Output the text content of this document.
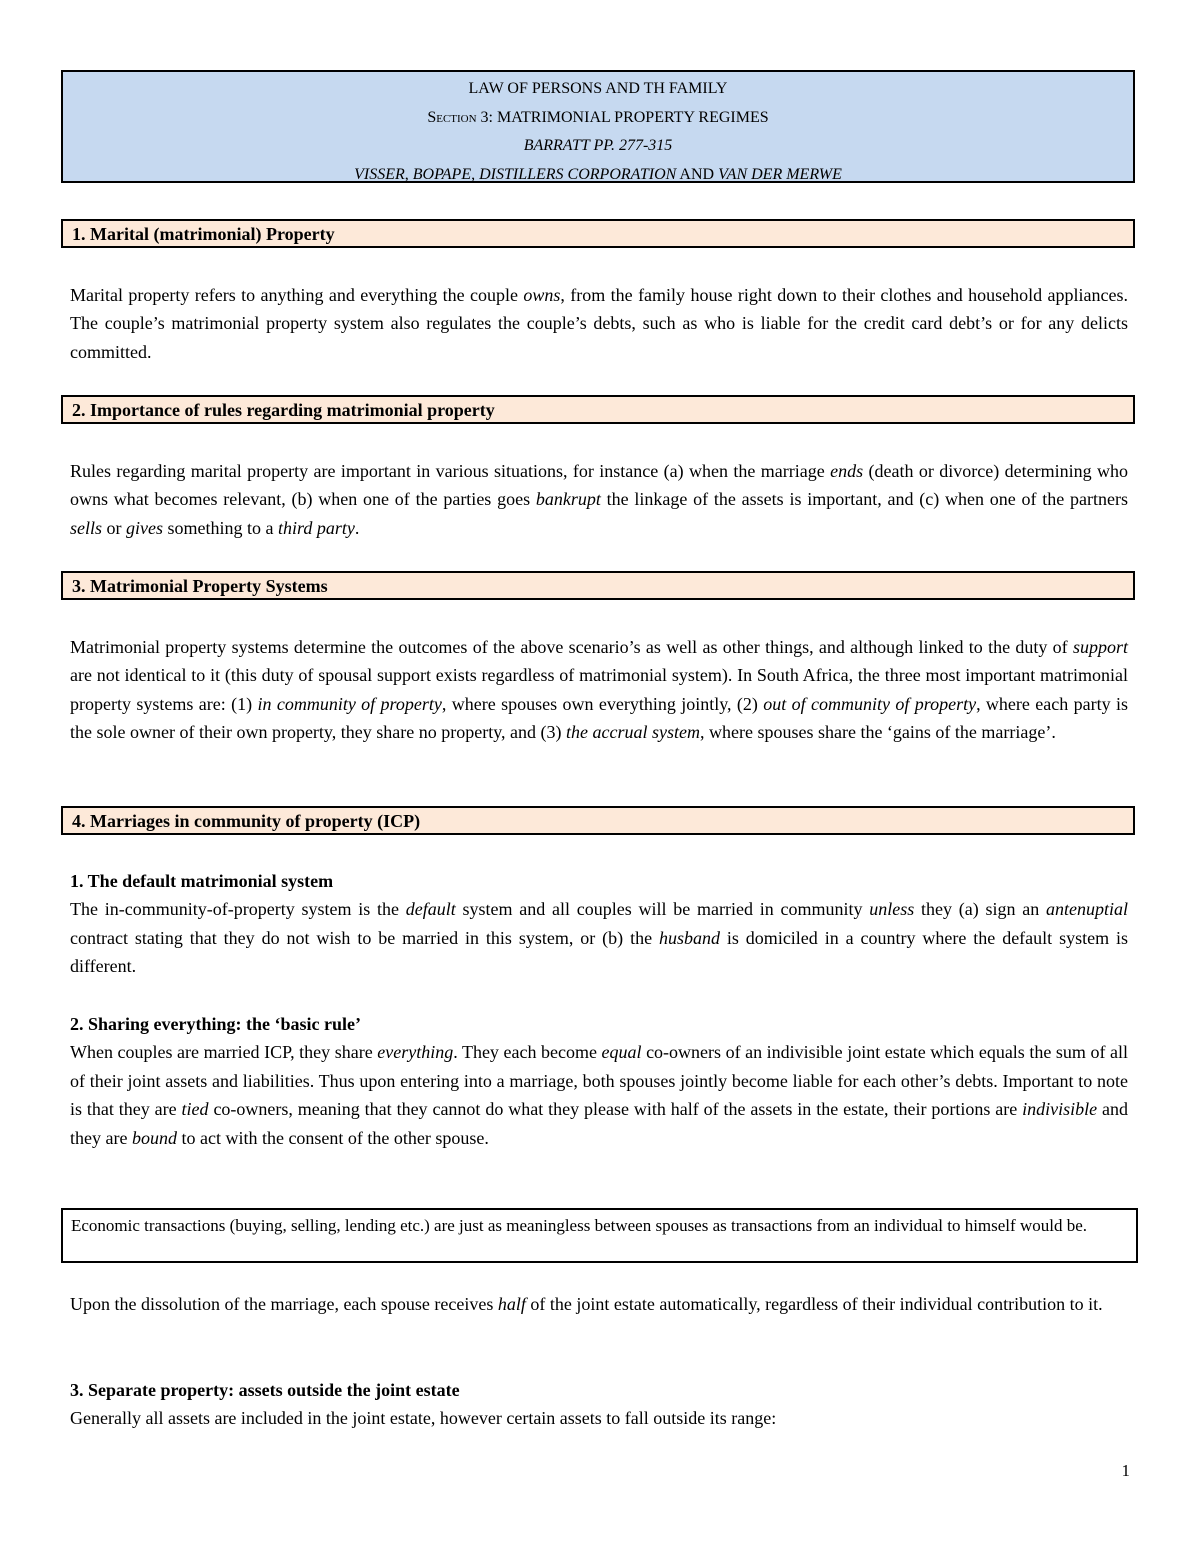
LAW OF PERSONS AND TH FAMILY
Section 3: MATRIMONIAL PROPERTY REGIMES
BARRATT PP. 277-315
VISSER, BOPAPE, DISTILLERS CORPORATION AND VAN DER MERWE
1. Marital (matrimonial) Property
Marital property refers to anything and everything the couple owns, from the family house right down to their clothes and household appliances. The couple’s matrimonial property system also regulates the couple’s debts, such as who is liable for the credit card debt’s or for any delicts committed.
2. Importance of rules regarding matrimonial property
Rules regarding marital property are important in various situations, for instance (a) when the marriage ends (death or divorce) determining who owns what becomes relevant, (b) when one of the parties goes bankrupt the linkage of the assets is important, and (c) when one of the partners sells or gives something to a third party.
3. Matrimonial Property Systems
Matrimonial property systems determine the outcomes of the above scenario’s as well as other things, and although linked to the duty of support are not identical to it (this duty of spousal support exists regardless of matrimonial system). In South Africa, the three most important matrimonial property systems are: (1) in community of property, where spouses own everything jointly, (2) out of community of property, where each party is the sole owner of their own property, they share no property, and (3) the accrual system, where spouses share the ‘gains of the marriage’.
4. Marriages in community of property (ICP)
1. The default matrimonial system
The in-community-of-property system is the default system and all couples will be married in community unless they (a) sign an antenuptial contract stating that they do not wish to be married in this system, or (b) the husband is domiciled in a country where the default system is different.
2. Sharing everything: the ‘basic rule’
When couples are married ICP, they share everything. They each become equal co-owners of an indivisible joint estate which equals the sum of all of their joint assets and liabilities. Thus upon entering into a marriage, both spouses jointly become liable for each other’s debts. Important to note is that they are tied co-owners, meaning that they cannot do what they please with half of the assets in the estate, their portions are indivisible and they are bound to act with the consent of the other spouse.
Economic transactions (buying, selling, lending etc.) are just as meaningless between spouses as transactions from an individual to himself would be.
Upon the dissolution of the marriage, each spouse receives half of the joint estate automatically, regardless of their individual contribution to it.
3. Separate property: assets outside the joint estate
Generally all assets are included in the joint estate, however certain assets to fall outside its range:
1
